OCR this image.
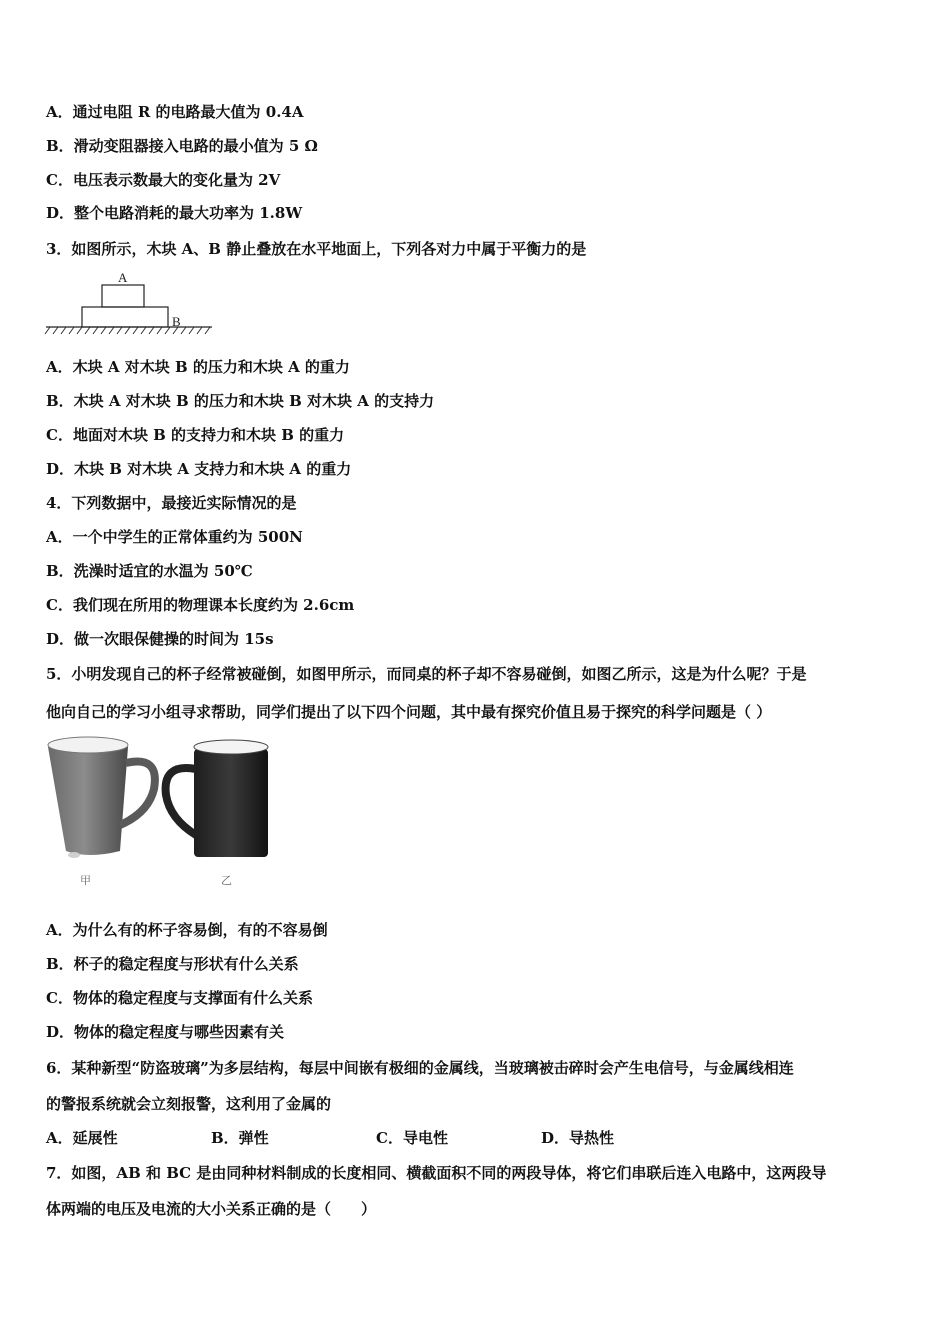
A．通过电阻 R 的电路最大值为 0.4A
B．滑动变阻器接入电路的最小值为 5 Ω
C．电压表示数最大的变化量为 2V
D．整个电路消耗的最大功率为 1.8W
3．如图所示，木块 A、B 静止叠放在水平地面上，下列各对力中属于平衡力的是
A
B
A．木块 A 对木块 B 的压力和木块 A 的重力
B．木块 A 对木块 B 的压力和木块 B 对木块 A 的支持力
C．地面对木块 B 的支持力和木块 B 的重力
D．木块 B 对木块 A 支持力和木块 A 的重力
4．下列数据中，最接近实际情况的是
A．一个中学生的正常体重约为 500N
B．洗澡时适宜的水温为 50℃
C．我们现在所用的物理课本长度约为 2.6cm
D．做一次眼保健操的时间为 15s
5．小明发现自己的杯子经常被碰倒，如图甲所示，而同桌的杯子却不容易碰倒，如图乙所示，这是为什么呢？于是
他向自己的学习小组寻求帮助，同学们提出了以下四个问题，其中最有探究价值且易于探究的科学问题是（ ）
甲	乙
A．为什么有的杯子容易倒，有的不容易倒
B．杯子的稳定程度与形状有什么关系
C．物体的稳定程度与支撑面有什么关系
D．物体的稳定程度与哪些因素有关
6．某种新型“防盗玻璃”为多层结构，每层中间嵌有极细的金属线，当玻璃被击碎时会产生电信号，与金属线相连
的警报系统就会立刻报警，这利用了金属的
A．延展性	B．弹性	C．导电性	D．导热性
7．如图，AB 和 BC 是由同种材料制成的长度相同、横截面积不同的两段导体，将它们串联后连入电路中，这两段导
体两端的电压及电流的大小关系正确的是（　　）
